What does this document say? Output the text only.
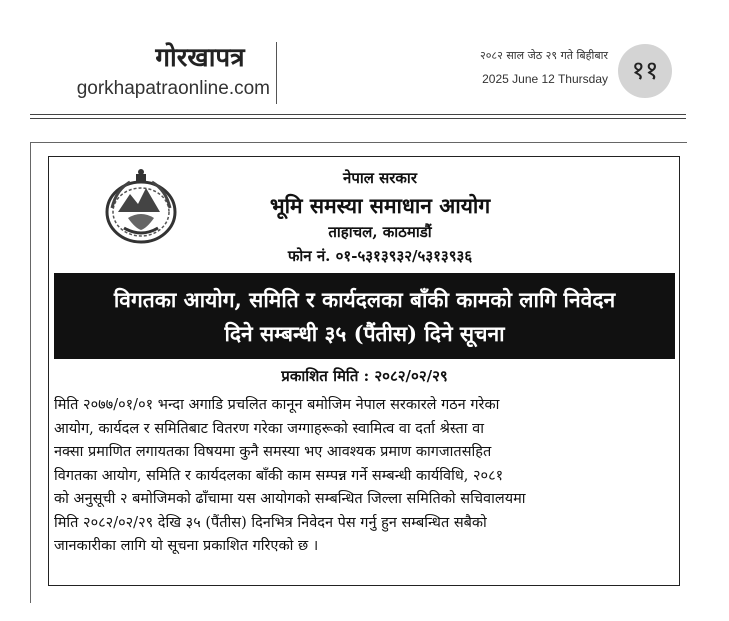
गोरखापत्र
gorkhapatraonline.com
२०८२ साल जेठ २९ गते बिहीबार
2025 June 12 Thursday ११
नेपाल सरकार
भूमि समस्या समाधान आयोग
ताहाचल, काठमाडौं
फोन नं. ०१-५३१३९३२/५३१३९३६
विगतका आयोग, समिति र कार्यदलका बाँकी कामको लागि निवेदन
दिने सम्बन्धी ३५ (पैंतीस) दिने सूचना
प्रकाशित मिति : २०८२/०२/२९
मिति २०७७/०१/०१ भन्दा अगाडि प्रचलित कानून बमोजिम नेपाल सरकारले गठन गरेका
आयोग, कार्यदल र समितिबाट वितरण गरेका जग्गाहरूको स्वामित्व वा दर्ता श्रेस्ता वा
नक्सा प्रमाणित लगायतका विषयमा कुनै समस्या भए आवश्यक प्रमाण कागजातसहित
विगतका आयोग, समिति र कार्यदलका बाँकी काम सम्पन्न गर्ने सम्बन्धी कार्यविधि, २०८१
को अनुसूची २ बमोजिमको ढाँचामा यस आयोगको सम्बन्धित जिल्ला समितिको सचिवालयमा
मिति २०८२/०२/२९ देखि ३५ (पैंतीस) दिनभित्र निवेदन पेस गर्नु हुन सम्बन्धित सबैको
जानकारीका लागि यो सूचना प्रकाशित गरिएको छ ।
